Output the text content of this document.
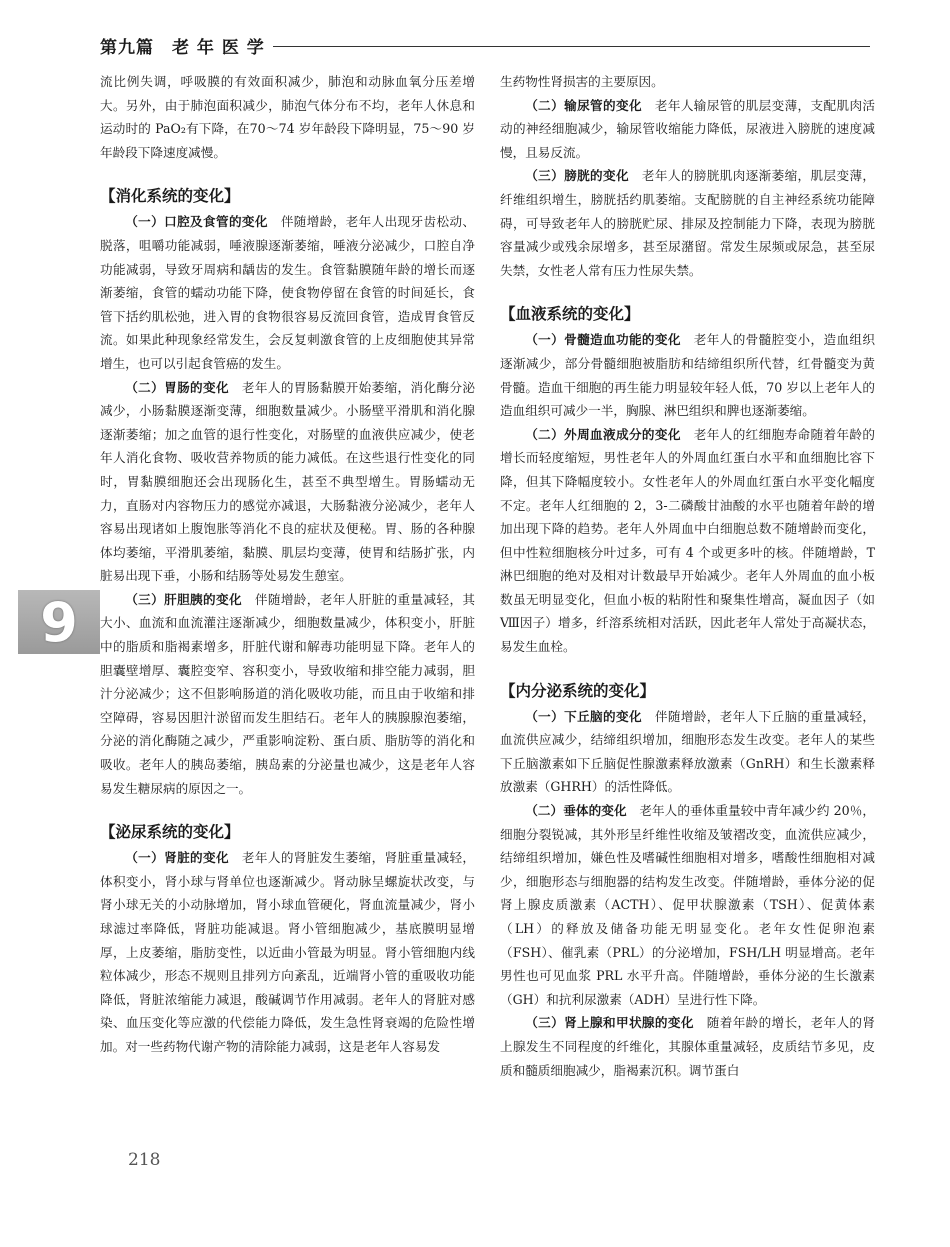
第九篇　老 年 医 学

流比例失调，呼吸膜的有效面积减少，肺泡和动脉血氧分压差增大。另外，由于肺泡面积减少，肺泡气体分布不均，老年人休息和运动时的 PaO₂有下降，在70～74 岁年龄段下降明显，75～90 岁年龄段下降速度减慢。

【消化系统的变化】

（一）口腔及食管的变化　伴随增龄，老年人出现牙齿松动、脱落，咀嚼功能减弱，唾液腺逐渐萎缩，唾液分泌减少，口腔自净功能减弱，导致牙周病和龋齿的发生。食管黏膜随年龄的增长而逐渐萎缩，食管的蠕动功能下降，使食物停留在食管的时间延长，食管下括约肌松弛，进入胃的食物很容易反流回食管，造成胃食管反流。如果此种现象经常发生，会反复刺激食管的上皮细胞使其异常增生，也可以引起食管癌的发生。

（二）胃肠的变化　老年人的胃肠黏膜开始萎缩，消化酶分泌减少，小肠黏膜逐渐变薄，细胞数量减少。小肠壁平滑肌和消化腺逐渐萎缩；加之血管的退行性变化，对肠壁的血液供应减少，使老年人消化食物、吸收营养物质的能力减低。在这些退行性变化的同时，胃黏膜细胞还会出现肠化生，甚至不典型增生。胃肠蠕动无力，直肠对内容物压力的感觉亦减退，大肠黏液分泌减少，老年人容易出现诸如上腹饱胀等消化不良的症状及便秘。胃、肠的各种腺体均萎缩，平滑肌萎缩，黏膜、肌层均变薄，使胃和结肠扩张，内脏易出现下垂，小肠和结肠等处易发生憩室。

（三）肝胆胰的变化　伴随增龄，老年人肝脏的重量减轻，其大小、血流和血流灌注逐渐减少，细胞数量减少，体积变小，肝脏中的脂质和脂褐素增多，肝脏代谢和解毒功能明显下降。老年人的胆囊壁增厚、囊腔变窄、容积变小，导致收缩和排空能力减弱，胆汁分泌减少；这不但影响肠道的消化吸收功能，而且由于收缩和排空障碍，容易因胆汁淤留而发生胆结石。老年人的胰腺腺泡萎缩，分泌的消化酶随之减少，严重影响淀粉、蛋白质、脂肪等的消化和吸收。老年人的胰岛萎缩，胰岛素的分泌量也减少，这是老年人容易发生糖尿病的原因之一。

【泌尿系统的变化】

（一）肾脏的变化　老年人的肾脏发生萎缩，肾脏重量减轻，体积变小，肾小球与肾单位也逐渐减少。肾动脉呈螺旋状改变，与肾小球无关的小动脉增加，肾小球血管硬化，肾血流量减少，肾小球滤过率降低，肾脏功能减退。肾小管细胞减少，基底膜明显增厚，上皮萎缩，脂肪变性，以近曲小管最为明显。肾小管细胞内线粒体减少，形态不规则且排列方向紊乱，近端肾小管的重吸收功能降低，肾脏浓缩能力减退，酸碱调节作用减弱。老年人的肾脏对感染、血压变化等应激的代偿能力降低，发生急性肾衰竭的危险性增加。对一些药物代谢产物的清除能力减弱，这是老年人容易发

生药物性肾损害的主要原因。

（二）输尿管的变化　老年人输尿管的肌层变薄，支配肌肉活动的神经细胞减少，输尿管收缩能力降低，尿液进入膀胱的速度减慢，且易反流。

（三）膀胱的变化　老年人的膀胱肌肉逐渐萎缩，肌层变薄，纤维组织增生，膀胱括约肌萎缩。支配膀胱的自主神经系统功能障碍，可导致老年人的膀胱贮尿、排尿及控制能力下降，表现为膀胱容量减少或残余尿增多，甚至尿潴留。常发生尿频或尿急，甚至尿失禁，女性老人常有压力性尿失禁。

【血液系统的变化】

（一）骨髓造血功能的变化　老年人的骨髓腔变小，造血组织逐渐减少，部分骨髓细胞被脂肪和结缔组织所代替，红骨髓变为黄骨髓。造血干细胞的再生能力明显较年轻人低，70 岁以上老年人的造血组织可减少一半，胸腺、淋巴组织和脾也逐渐萎缩。

（二）外周血液成分的变化　老年人的红细胞寿命随着年龄的增长而轻度缩短，男性老年人的外周血红蛋白水平和血细胞比容下降，但其下降幅度较小。女性老年人的外周血红蛋白水平变化幅度不定。老年人红细胞的 2，3-二磷酸甘油酸的水平也随着年龄的增加出现下降的趋势。老年人外周血中白细胞总数不随增龄而变化，但中性粒细胞核分叶过多，可有 4 个或更多叶的核。伴随增龄，T 淋巴细胞的绝对及相对计数最早开始减少。老年人外周血的血小板数虽无明显变化，但血小板的粘附性和聚集性增高，凝血因子（如Ⅷ因子）增多，纤溶系统相对活跃，因此老年人常处于高凝状态，易发生血栓。

【内分泌系统的变化】

（一）下丘脑的变化　伴随增龄，老年人下丘脑的重量减轻，血流供应减少，结缔组织增加，细胞形态发生改变。老年人的某些下丘脑激素如下丘脑促性腺激素释放激素（GnRH）和生长激素释放激素（GHRH）的活性降低。

（二）垂体的变化　老年人的垂体重量较中青年减少约 20％，细胞分裂锐减，其外形呈纤维性收缩及皱褶改变，血流供应减少，结缔组织增加，嫌色性及嗜碱性细胞相对增多，嗜酸性细胞相对减少，细胞形态与细胞器的结构发生改变。伴随增龄，垂体分泌的促肾上腺皮质激素（ACTH）、促甲状腺激素（TSH）、促黄体素（LH）的释放及储备功能无明显变化。老年女性促卵泡素（FSH）、催乳素（PRL）的分泌增加，FSH/LH 明显增高。老年男性也可见血浆 PRL 水平升高。伴随增龄，垂体分泌的生长激素（GH）和抗利尿激素（ADH）呈进行性下降。

（三）肾上腺和甲状腺的变化　随着年龄的增长，老年人的肾上腺发生不同程度的纤维化，其腺体重量减轻，皮质结节多见，皮质和髓质细胞减少，脂褐素沉积。调节蛋白

9
218
